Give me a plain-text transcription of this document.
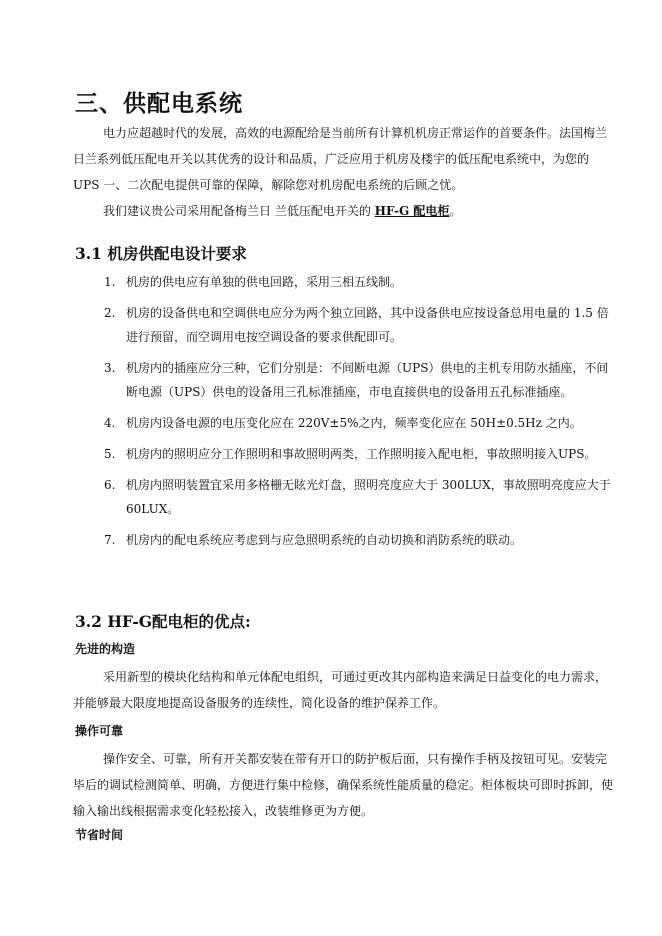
三、供配电系统
电力应超越时代的发展，高效的电源配给是当前所有计算机机房正常运作的首要条件。法国梅兰日兰系列低压配电开关以其优秀的设计和品质，广泛应用于机房及楼宇的低压配电系统中，为您的 UPS 一、二次配电提供可靠的保障，解除您对机房配电系统的后顾之忧。
我们建议贵公司采用配备梅兰日 兰低压配电开关的 HF-G 配电柜。
3.1 机房供配电设计要求
1. 机房的供电应有单独的供电回路，采用三相五线制。
2. 机房的设备供电和空调供电应分为两个独立回路，其中设备供电应按设备总用电量的 1.5 倍进行预留，而空调用电按空调设备的要求供配即可。
3. 机房内的插座应分三种，它们分别是：不间断电源（UPS）供电的主机专用防水插座，不间断电源（UPS）供电的设备用三孔标准插座，市电直接供电的设备用五孔标准插座。
4. 机房内设备电源的电压变化应在 220V±5%之内，频率变化应在 50H±0.5Hz 之内。
5. 机房内的照明应分工作照明和事故照明两类，工作照明接入配电柜，事故照明接入UPS。
6. 机房内照明装置宜采用多格栅无眩光灯盘，照明亮度应大于 300LUX，事故照明亮度应大于 60LUX。
7. 机房内的配电系统应考虑到与应急照明系统的自动切换和消防系统的联动。
3.2 HF-G配电柜的优点:
先进的构造
采用新型的模块化结构和单元体配电组织，可通过更改其内部构造来满足日益变化的电力需求，并能够最大限度地提高设备服务的连续性，简化设备的维护保养工作。
操作可靠
操作安全、可靠，所有开关都安装在带有开口的防护板后面，只有操作手柄及按钮可见。安装完毕后的调试检测简单、明确，方便进行集中检修，确保系统性能质量的稳定。柜体板块可即时拆卸，使输入输出线根据需求变化轻松接入，改装维修更为方便。
节省时间
